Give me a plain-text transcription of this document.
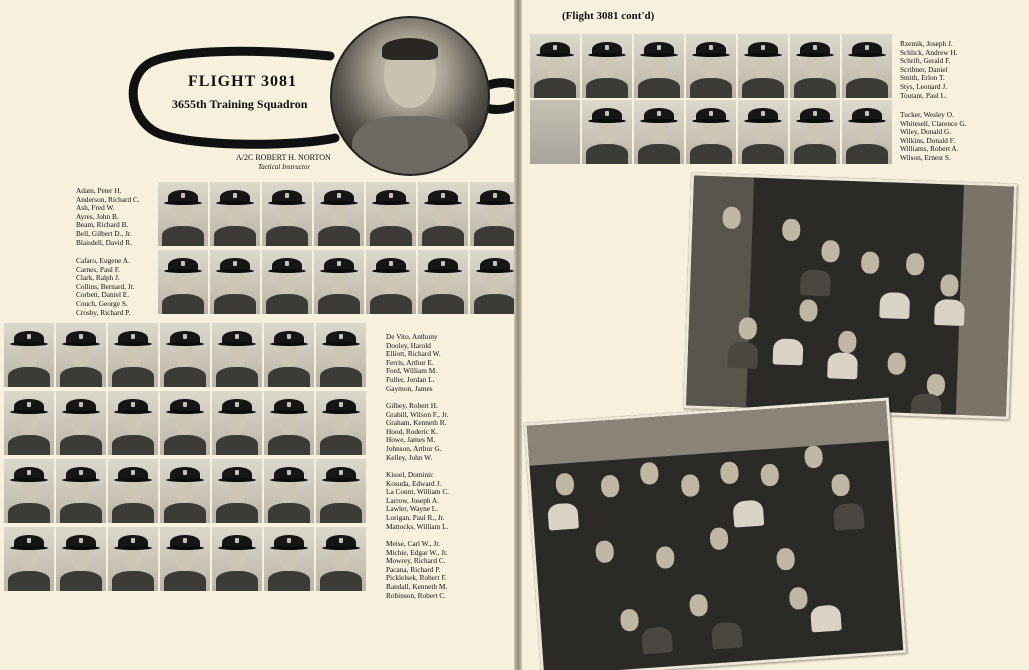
FLIGHT 3081
3655th Training Squadron
A/2C ROBERT H. NORTON
Tactical Instructor
Adam, Peter H.
Anderson, Richard C.
Ash, Fred W.
Ayres, John B.
Beam, Richard B.
Bell, Gilbert D., Jr.
Blaisdell, David R.
Cafaro, Eugene A.
Carnes, Paul F.
Clark, Ralph J.
Collins, Bernard, Jr.
Corbett, Daniel E.
Couch, George S.
Crosby, Richard P.
De Vito, Anthony
Dooley, Harold
Elliott, Richard W.
Ferris, Arthur E.
Ford, William M.
Fuller, Jordan L.
Gaymon, James
Gilbey, Robert H.
Grabill, Wilson F., Jr.
Graham, Kenneth R.
Hood, Roderic K.
Howe, James M.
Johnson, Arthur G.
Kelley, John W.
Kissel, Dominic
Kosuda, Edward J.
La Count, William C.
Larrow, Joseph A.
Lawler, Wayne L.
Lorigan, Paul R., Jr.
Mattocks, William L.
Meise, Carl W., Jr.
Michie, Edgar W., Jr.
Mowrey, Richard C.
Pacana, Richard P.
Picklelsek, Robert F.
Randall, Kenneth M.
Robinson, Robert C.
(Flight 3081 cont'd)
Rzemik, Joseph J.
Schlick, Andrew H.
Schrift, Gerald F.
Scribner, Daniel
Smith, Erlon T.
Stys, Leonard J.
Toutant, Paul L.
Tucker, Wesley O.
Whitesell, Clarence G.
Wiley, Donald G.
Wilkins, Donald F.
Williams, Robert A.
Wilson, Ernest S.
